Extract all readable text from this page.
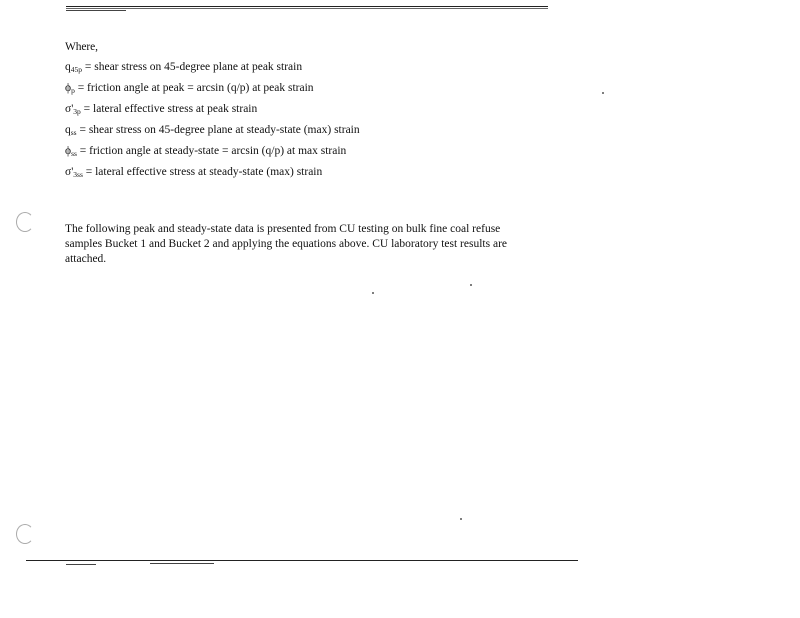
Where,
$q_{45p}$ = shear stress on 45-degree plane at peak strain
$\phi_p$ = friction angle at peak = arcsin (q/p) at peak strain
$\sigma'_{3p}$ = lateral effective stress at peak strain
$q_{ss}$ = shear stress on 45-degree plane at steady-state (max) strain
$\phi_{ss}$ = friction angle at steady-state = arcsin (q/p) at max strain
$\sigma'_{3ss}$ = lateral effective stress at steady-state (max) strain
The following peak and steady-state data is presented from CU testing on bulk fine coal refuse
samples Bucket 1 and Bucket 2 and applying the equations above. CU laboratory test results are
attached.
